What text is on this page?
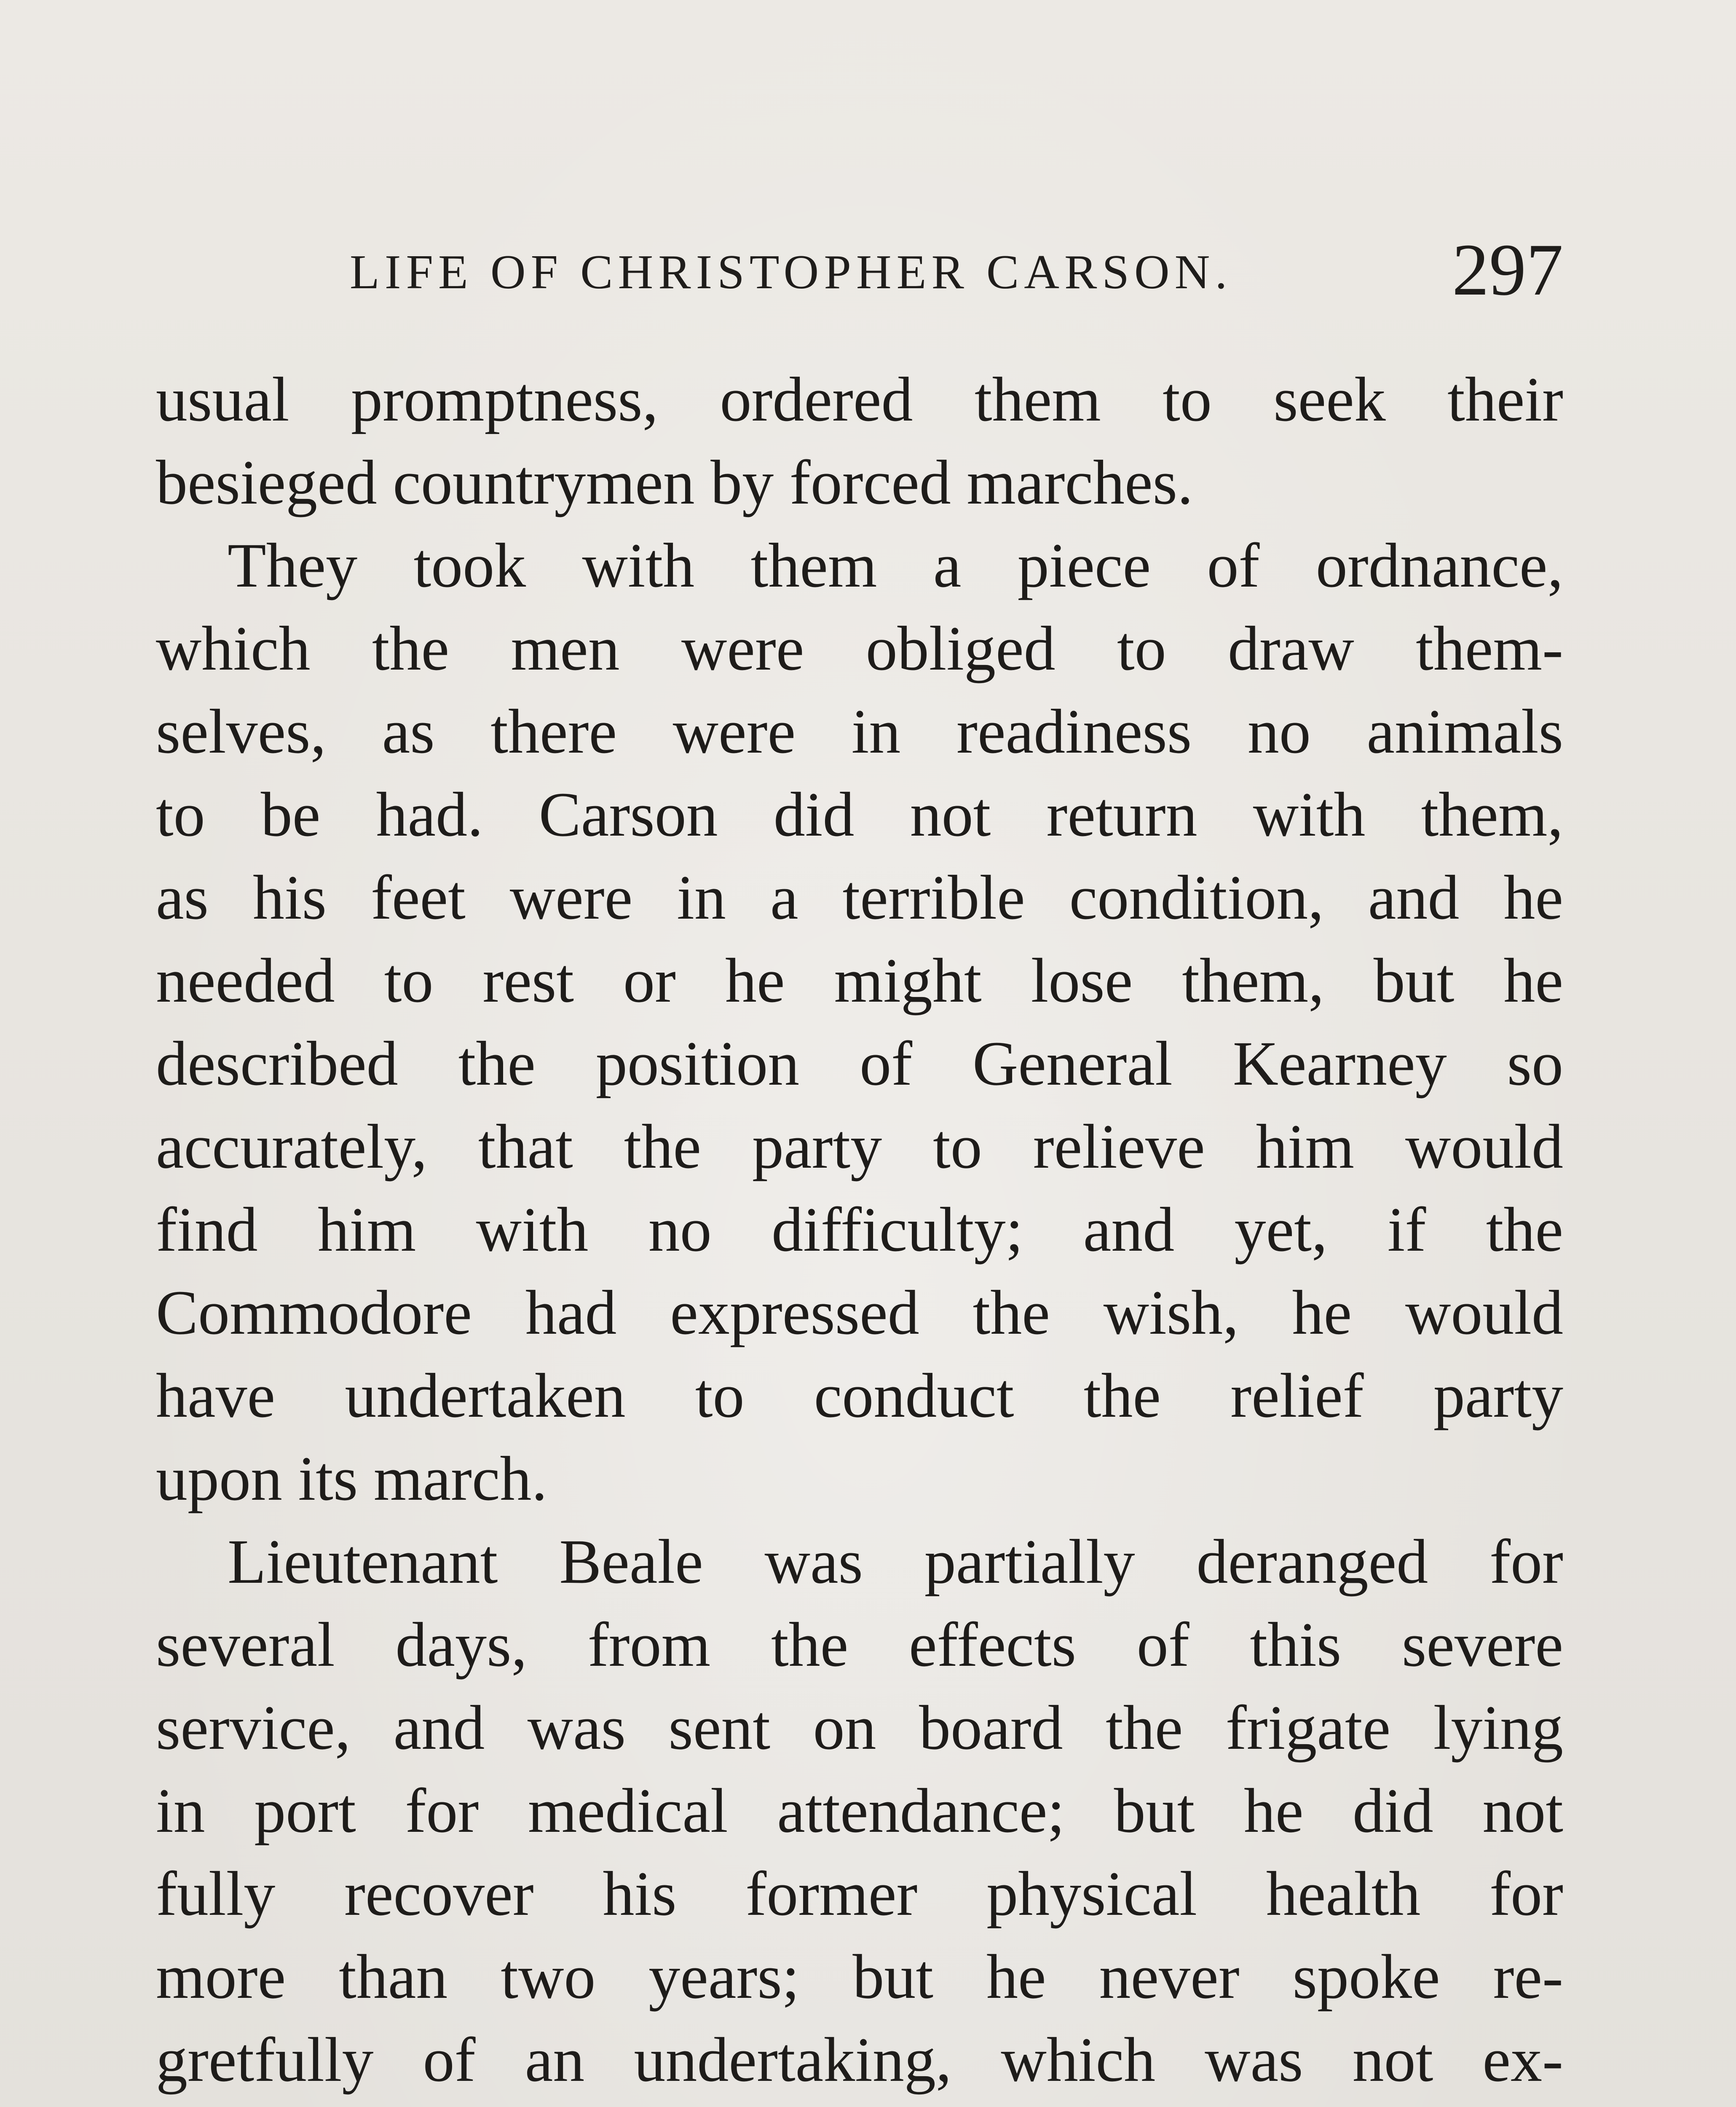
LIFE OF CHRISTOPHER CARSON.	297
usual promptness, ordered them to seek their
besieged countrymen by forced marches.
They took with them a piece of ordnance,
which the men were obliged to draw them-
selves, as there were in readiness no animals
to be had. Carson did not return with them,
as his feet were in a terrible condition, and he
needed to rest or he might lose them, but he
described the position of General Kearney so
accurately, that the party to relieve him would
find him with no difficulty; and yet, if the
Commodore had expressed the wish, he would
have undertaken to conduct the relief party
upon its march.
Lieutenant Beale was partially deranged for
several days, from the effects of this severe
service, and was sent on board the frigate lying
in port for medical attendance; but he did not
fully recover his former physical health for
more than two years; but he never spoke re-
gretfully of an undertaking, which was not ex-
